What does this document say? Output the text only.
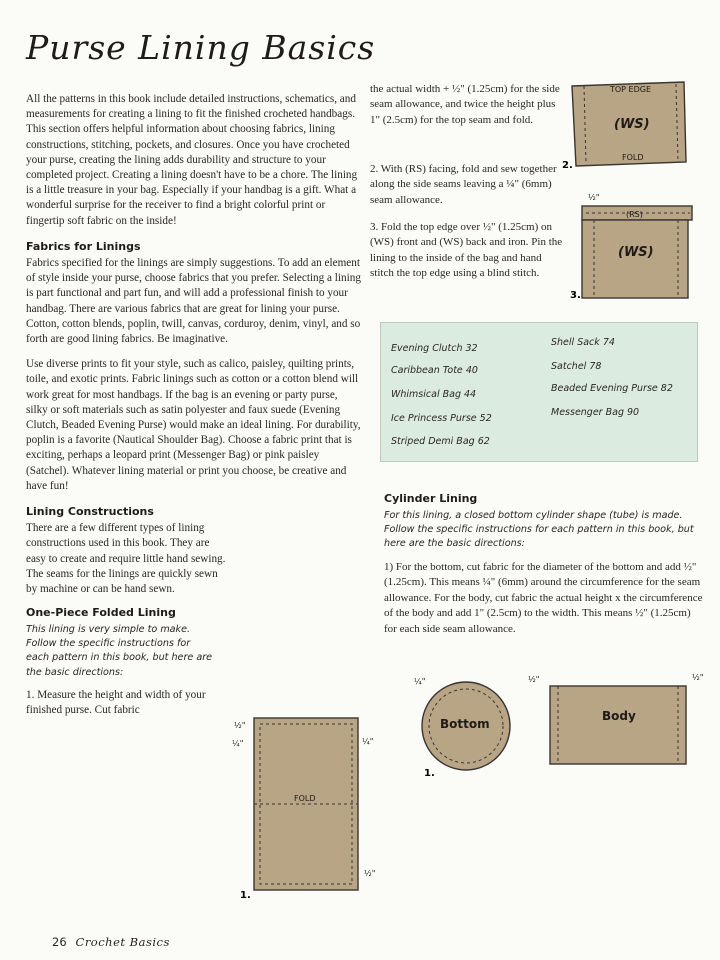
Purse Lining Basics

All the patterns in this book include detailed instructions, schematics, and measurements for creating a lining to fit the finished crocheted handbags. This section offers helpful information about choosing fabrics, lining constructions, stitching, pockets, and closures. Once you have crocheted your purse, creating the lining adds durability and structure to your completed project. Creating a lining doesn't have to be a chore. The lining is a little treasure in your bag. Especially if your handbag is a gift. What a wonderful surprise for the receiver to find a bright colorful print or fingertip soft fabric on the inside!

Fabrics for Linings

Fabrics specified for the linings are simply suggestions. To add an element of style inside your purse, choose fabrics that you prefer. Selecting a lining is part functional and part fun, and will add a professional finish to your handbag. There are various fabrics that are great for lining your purse. Cotton, cotton blends, poplin, twill, canvas, corduroy, denim, vinyl, and so forth are good lining fabrics. Be imaginative.

Use diverse prints to fit your style, such as calico, paisley, quilting prints, toile, and exotic prints. Fabric linings such as cotton or a cotton blend will work great for most handbags. If the bag is an evening or party purse, silky or soft materials such as satin polyester and faux suede (Evening Clutch, Beaded Evening Purse) would make an ideal lining. For durability, poplin is a favorite (Nautical Shoulder Bag). Choose a fabric print that is exciting, perhaps a leopard print (Messenger Bag) or pink paisley (Satchel). Whatever lining material or print you choose, be creative and have fun!

Lining Constructions

There are a few different types of lining constructions used in this book. They are easy to create and require little hand sewing. The seams for the linings are quickly sewn by machine or can be hand sewn.

One-Piece Folded Lining

This lining is very simple to make. Follow the specific instructions for each pattern in this book, but here are the basic directions:

1. Measure the height and width of your finished purse. Cut fabric

FOLD
½"
¼"	¼"
½"
1.

the actual width + ½" (1.25cm) for the side seam allowance, and twice the height plus 1" (2.5cm) for the top seam and fold.

2. With (RS) facing, fold and sew together along the side seams leaving a ¼" (6mm) seam allowance.

3. Fold the top edge over ½" (1.25cm) on (WS) front and (WS) back and iron. Pin the lining to the inside of the bag and hand stitch the top edge using a blind stitch.

TOP EDGE
(WS)
FOLD
2.
½"
(RS)
(WS)
3.
Evening Clutch 32
Caribbean Tote 40
Whimsical Bag 44
Ice Princess Purse 52
Striped Demi Bag 62
Shell Sack 74
Satchel 78
Beaded Evening Purse 82
Messenger Bag 90
Cylinder Lining

For this lining, a closed bottom cylinder shape (tube) is made. Follow the specific instructions for each pattern in this book, but here are the basic directions:

1) For the bottom, cut fabric for the diameter of the bottom and add ½" (1.25cm). This means ¼" (6mm) around the circumference for the seam allowance. For the body, cut fabric the actual height x the circumference of the body and add 1" (2.5cm) to the width. This means ½" (1.25cm) for each side seam allowance.

¼"
Bottom
1.
½"	½"
Body
26 Crochet Basics
